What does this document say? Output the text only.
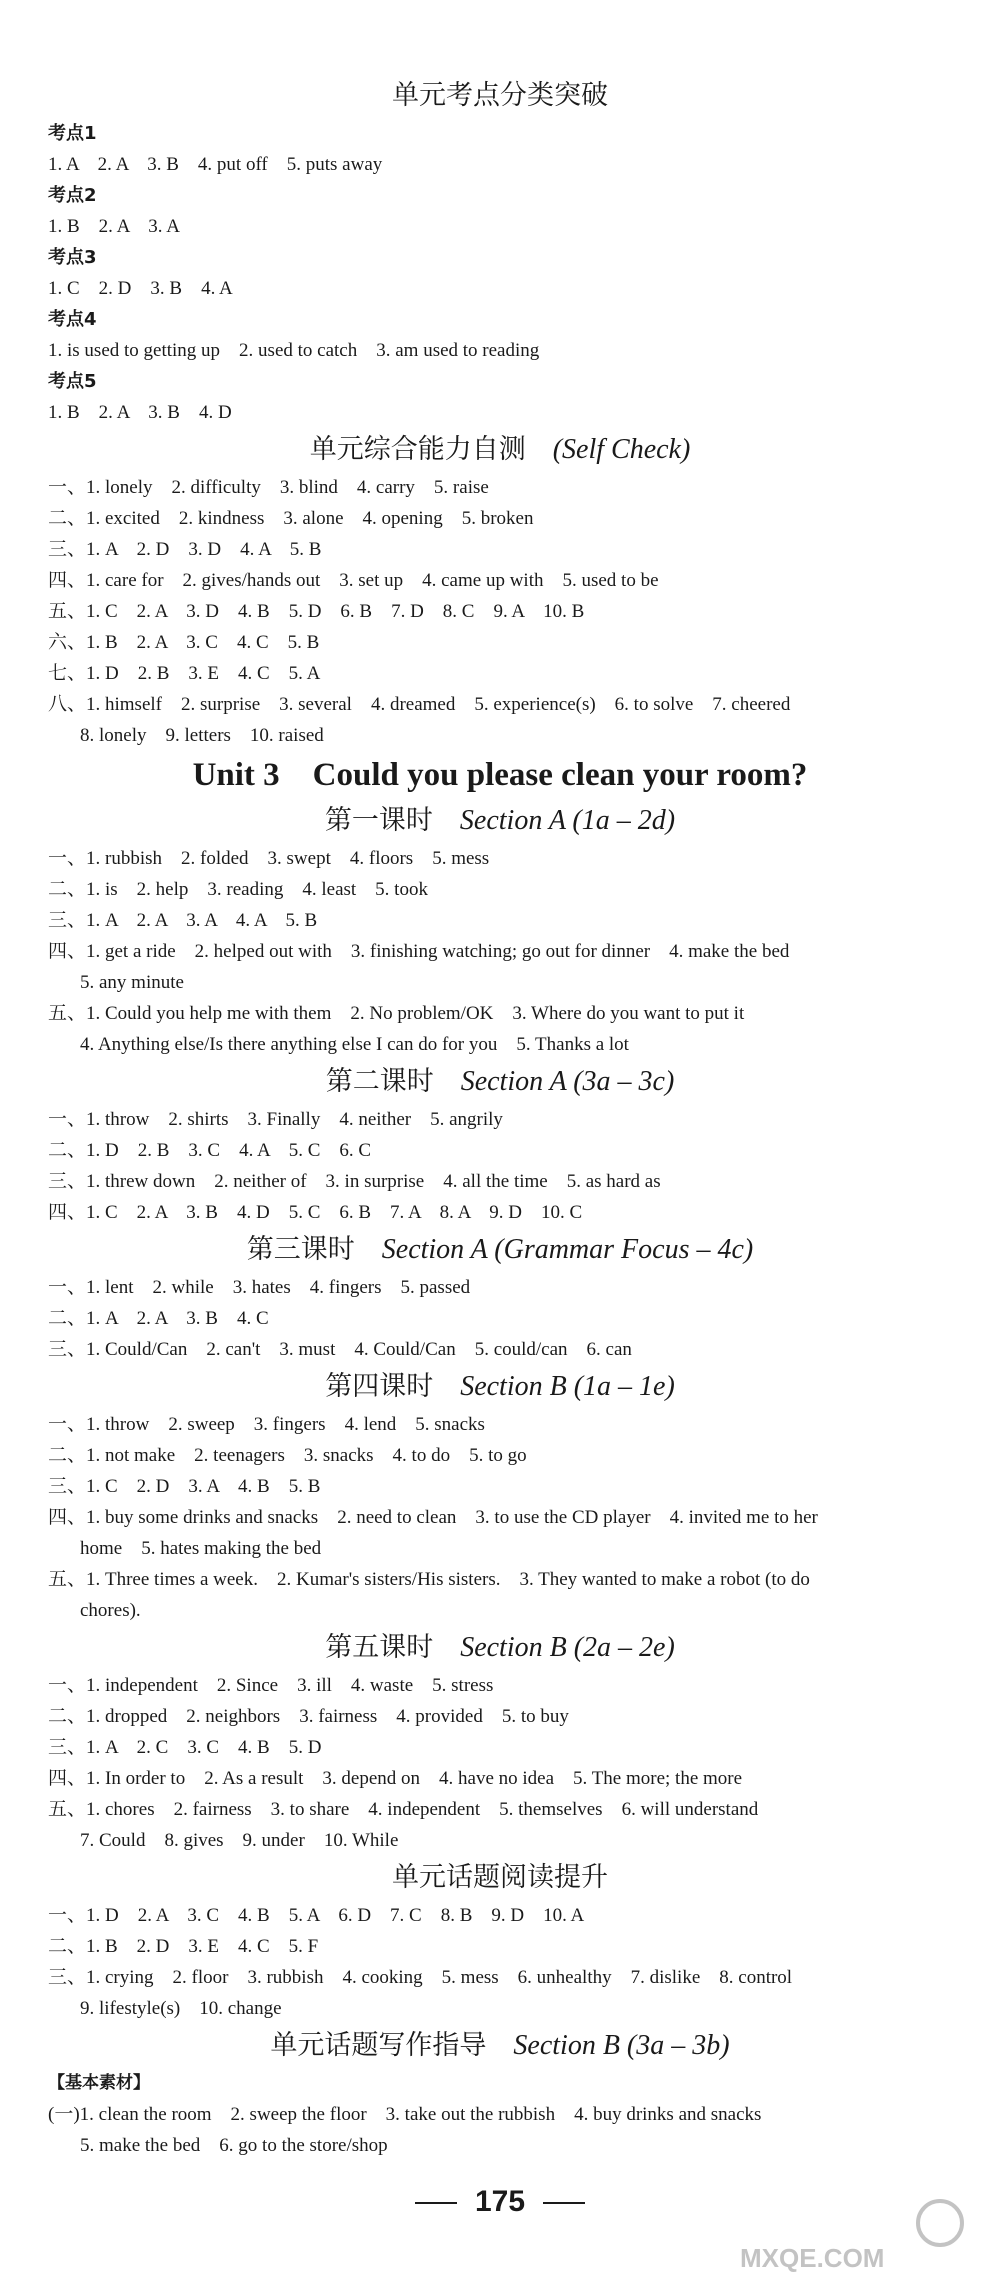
单元考点分类突破
考点1
1. A　2. A　3. B　4. put off　5. puts away
考点2
1. B　2. A　3. A
考点3
1. C　2. D　3. B　4. A
考点4
1. is used to getting up　2. used to catch　3. am used to reading
考点5
1. B　2. A　3. B　4. D
单元综合能力自测  (Self Check)
一、1. lonely　2. difficulty　3. blind　4. carry　5. raise
二、1. excited　2. kindness　3. alone　4. opening　5. broken
三、1. A　2. D　3. D　4. A　5. B
四、1. care for　2. gives/hands out　3. set up　4. came up with　5. used to be
五、1. C　2. A　3. D　4. B　5. D　6. B　7. D　8. C　9. A　10. B
六、1. B　2. A　3. C　4. C　5. B
七、1. D　2. B　3. E　4. C　5. A
八、1. himself　2. surprise　3. several　4. dreamed　5. experience(s)　6. to solve　7. cheered
8. lonely　9. letters　10. raised
Unit 3　Could you please clean your room?
第一课时  Section A (1a – 2d)
一、1. rubbish　2. folded　3. swept　4. floors　5. mess
二、1. is　2. help　3. reading　4. least　5. took
三、1. A　2. A　3. A　4. A　5. B
四、1. get a ride　2. helped out with　3. finishing watching; go out for dinner　4. make the bed
5. any minute
五、1. Could you help me with them　2. No problem/OK　3. Where do you want to put it
4. Anything else/Is there anything else I can do for you　5. Thanks a lot
第二课时  Section A (3a – 3c)
一、1. throw　2. shirts　3. Finally　4. neither　5. angrily
二、1. D　2. B　3. C　4. A　5. C　6. C
三、1. threw down　2. neither of　3. in surprise　4. all the time　5. as hard as
四、1. C　2. A　3. B　4. D　5. C　6. B　7. A　8. A　9. D　10. C
第三课时  Section A (Grammar Focus – 4c)
一、1. lent　2. while　3. hates　4. fingers　5. passed
二、1. A　2. A　3. B　4. C
三、1. Could/Can　2. can't　3. must　4. Could/Can　5. could/can　6. can
第四课时  Section B (1a – 1e)
一、1. throw　2. sweep　3. fingers　4. lend　5. snacks
二、1. not make　2. teenagers　3. snacks　4. to do　5. to go
三、1. C　2. D　3. A　4. B　5. B
四、1. buy some drinks and snacks　2. need to clean　3. to use the CD player　4. invited me to her
home　5. hates making the bed
五、1. Three times a week.　2. Kumar's sisters/His sisters.　3. They wanted to make a robot (to do
chores).
第五课时  Section B (2a – 2e)
一、1. independent　2. Since　3. ill　4. waste　5. stress
二、1. dropped　2. neighbors　3. fairness　4. provided　5. to buy
三、1. A　2. C　3. C　4. B　5. D
四、1. In order to　2. As a result　3. depend on　4. have no idea　5. The more; the more
五、1. chores　2. fairness　3. to share　4. independent　5. themselves　6. will understand
7. Could　8. gives　9. under　10. While
单元话题阅读提升
一、1. D　2. A　3. C　4. B　5. A　6. D　7. C　8. B　9. D　10. A
二、1. B　2. D　3. E　4. C　5. F
三、1. crying　2. floor　3. rubbish　4. cooking　5. mess　6. unhealthy　7. dislike　8. control
9. lifestyle(s)　10. change
单元话题写作指导  Section B (3a – 3b)
【基本素材】
(一)1. clean the room　2. sweep the floor　3. take out the rubbish　4. buy drinks and snacks
5. make the bed　6. go to the store/shop
175
MXQE.COM
